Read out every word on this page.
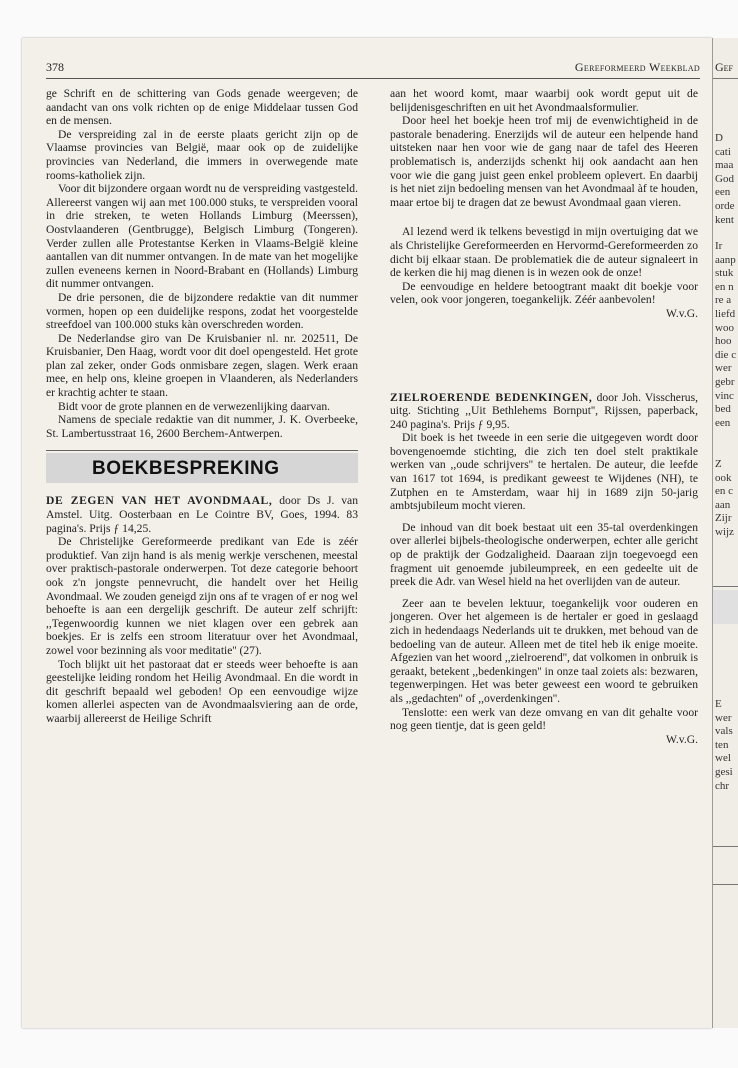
378	Gereformeerd Weekblad

ge Schrift en de schittering van Gods genade weergeven; de aandacht van ons volk richten op de enige Middelaar tussen God en de mensen.

De verspreiding zal in de eerste plaats gericht zijn op de Vlaamse provincies van België, maar ook op de zuidelijke provincies van Nederland, die immers in overwegende mate rooms-katholiek zijn.

Voor dit bijzondere orgaan wordt nu de verspreiding vastgesteld. Allereerst vangen wij aan met 100.000 stuks, te verspreiden vooral in drie streken, te weten Hollands Limburg (Meerssen), Oostvlaanderen (Gentbrugge), Belgisch Limburg (Tongeren). Verder zullen alle Protestantse Kerken in Vlaams-België kleine aantallen van dit nummer ontvangen. In de mate van het mogelijke zullen eveneens kernen in Noord-Brabant en (Hollands) Limburg dit nummer ontvangen.

De drie personen, die de bijzondere redaktie van dit nummer vormen, hopen op een duidelijke respons, zodat het voorgestelde streefdoel van 100.000 stuks kàn overschreden worden.

De Nederlandse giro van De Kruisbanier nl. nr. 202511, De Kruisbanier, Den Haag, wordt voor dit doel opengesteld. Het grote plan zal zeker, onder Gods onmisbare zegen, slagen. Werk eraan mee, en help ons, kleine groepen in Vlaanderen, als Nederlanders er krachtig achter te staan.

Bidt voor de grote plannen en de verwezenlijking daarvan.

Namens de speciale redaktie van dit nummer, J. K. Overbeeke, St. Lambertusstraat 16, 2600 Berchem-Antwerpen.

BOEKBESPREKING

DE ZEGEN VAN HET AVONDMAAL, door Ds J. van Amstel. Uitg. Oosterbaan en Le Cointre BV, Goes, 1994. 83 pagina's. Prijs ƒ 14,25.

De Christelijke Gereformeerde predikant van Ede is zéér produktief. Van zijn hand is als menig werkje verschenen, meestal over praktisch-pastorale onderwerpen. Tot deze categorie behoort ook z'n jongste pennevrucht, die handelt over het Heilig Avondmaal. We zouden geneigd zijn ons af te vragen of er nog wel behoefte is aan een dergelijk geschrift. De auteur zelf schrijft: ,,Tegenwoordig kunnen we niet klagen over een gebrek aan boekjes. Er is zelfs een stroom literatuur over het Avondmaal, zowel voor bezinning als voor meditatie'' (27).

Toch blijkt uit het pastoraat dat er steeds weer behoefte is aan geestelijke leiding rondom het Heilig Avondmaal. En die wordt in dit geschrift bepaald wel geboden! Op een eenvoudige wijze komen allerlei aspecten van de Avondmaalsviering aan de orde, waarbij allereerst de Heilige Schrift

aan het woord komt, maar waarbij ook wordt geput uit de belijdenisgeschriften en uit het Avondmaalsformulier.

Door heel het boekje heen trof mij de evenwichtigheid in de pastorale benadering. Enerzijds wil de auteur een helpende hand uitsteken naar hen voor wie de gang naar de tafel des Heeren problematisch is, anderzijds schenkt hij ook aandacht aan hen voor wie die gang juist geen enkel probleem oplevert. En daarbij is het niet zijn bedoeling mensen van het Avondmaal àf te houden, maar ertoe bij te dragen dat ze bewust Avondmaal gaan vieren.

Al lezend werd ik telkens bevestigd in mijn overtuiging dat we als Christelijke Gereformeerden en Hervormd-Gereformeerden zo dicht bij elkaar staan. De problematiek die de auteur signaleert in de kerken die hij mag dienen is in wezen ook de onze!

De eenvoudige en heldere betoogtrant maakt dit boekje voor velen, ook voor jongeren, toegankelijk. Zéér aanbevolen!

W.v.G.

ZIELROERENDE BEDENKINGEN, door Joh. Visscherus, uitg. Stichting ,,Uit Bethlehems Bornput'', Rijssen, paperback, 240 pagina's. Prijs ƒ 9,95.

Dit boek is het tweede in een serie die uitgegeven wordt door bovengenoemde stichting, die zich ten doel stelt praktikale werken van ,,oude schrijvers'' te hertalen. De auteur, die leefde van 1617 tot 1694, is predikant geweest te Wijdenes (NH), te Zutphen en te Amsterdam, waar hij in 1689 zijn 50-jarig ambtsjubileum mocht vieren.

De inhoud van dit boek bestaat uit een 35-tal overdenkingen over allerlei bijbels-theologische onderwerpen, echter alle gericht op de praktijk der Godzaligheid. Daaraan zijn toegevoegd een fragment uit genoemde jubileumpreek, en een gedeelte uit de preek die Adr. van Wesel hield na het overlijden van de auteur.

Zeer aan te bevelen lektuur, toegankelijk voor ouderen en jongeren. Over het algemeen is de hertaler er goed in geslaagd zich in hedendaags Nederlands uit te drukken, met behoud van de bedoeling van de auteur. Alleen met de titel heb ik enige moeite. Afgezien van het woord ,,zielroerend'', dat volkomen in onbruik is geraakt, betekent ,,bedenkingen'' in onze taal zoiets als: bezwaren, tegenwerpingen. Het was beter geweest een woord te gebruiken als ,,gedachten'' of ,,overdenkingen''.

Tenslotte: een werk van deze omvang en van dit gehalte voor nog geen tientje, dat is geen geld!

W.v.G.

Gef
D
cati
maa
God
een
orde
kent
Ir
aanp
stuk
en n
re a
liefd
woo
hoo
die c
wer
gebr
vinc
bed
een
Z
ook
en c
aan
Zijr
wijz
E
wer
vals
ten
wel
gesi
chr
